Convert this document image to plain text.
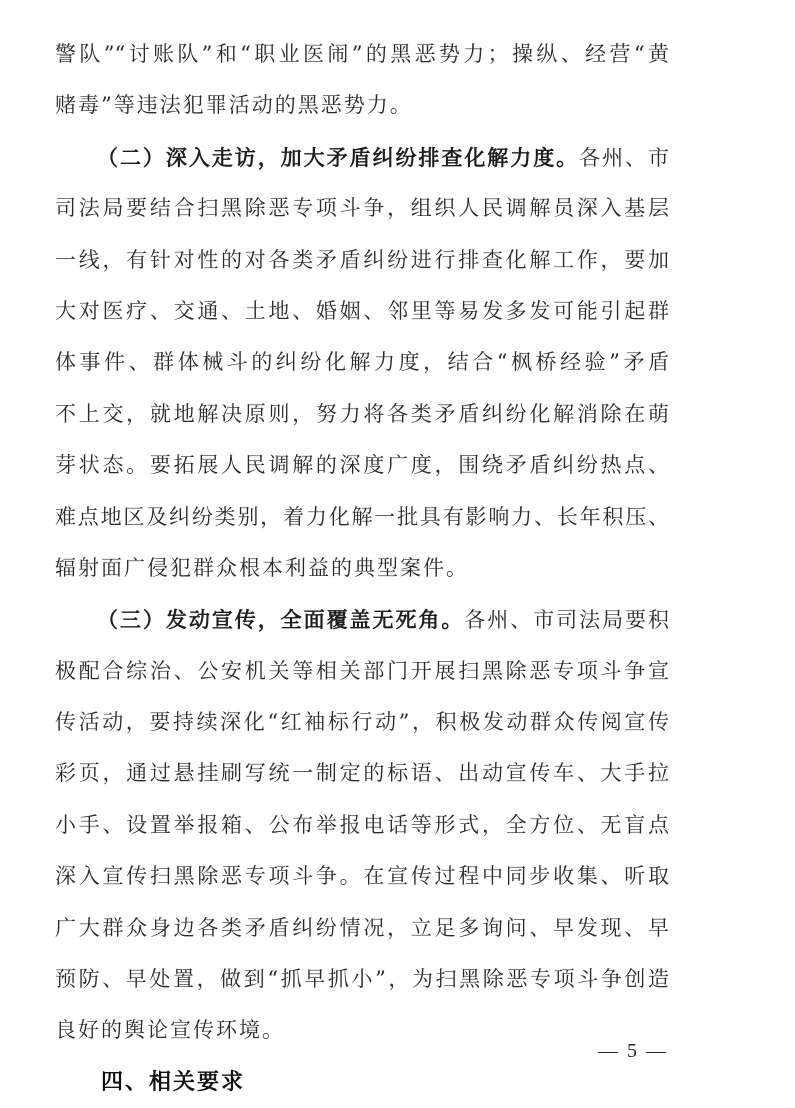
警队”“讨账队”和“职业医闹”的黑恶势力；操纵、经营“黄
赌毒”等违法犯罪活动的黑恶势力。
（二）深入走访，加大矛盾纠纷排查化解力度。各州、市
司法局要结合扫黑除恶专项斗争，组织人民调解员深入基层
一线，有针对性的对各类矛盾纠纷进行排查化解工作，要加
大对医疗、交通、土地、婚姻、邻里等易发多发可能引起群
体事件、群体械斗的纠纷化解力度，结合“枫桥经验”矛盾
不上交，就地解决原则，努力将各类矛盾纠纷化解消除在萌
芽状态。要拓展人民调解的深度广度，围绕矛盾纠纷热点、
难点地区及纠纷类别，着力化解一批具有影响力、长年积压、
辐射面广侵犯群众根本利益的典型案件。
（三）发动宣传，全面覆盖无死角。各州、市司法局要积
极配合综治、公安机关等相关部门开展扫黑除恶专项斗争宣
传活动，要持续深化“红袖标行动”，积极发动群众传阅宣传
彩页，通过悬挂刷写统一制定的标语、出动宣传车、大手拉
小手、设置举报箱、公布举报电话等形式，全方位、无盲点
深入宣传扫黑除恶专项斗争。在宣传过程中同步收集、听取
广大群众身边各类矛盾纠纷情况，立足多询问、早发现、早
预防、早处置，做到“抓早抓小”，为扫黑除恶专项斗争创造
良好的舆论宣传环境。
四、相关要求
— 5 —
